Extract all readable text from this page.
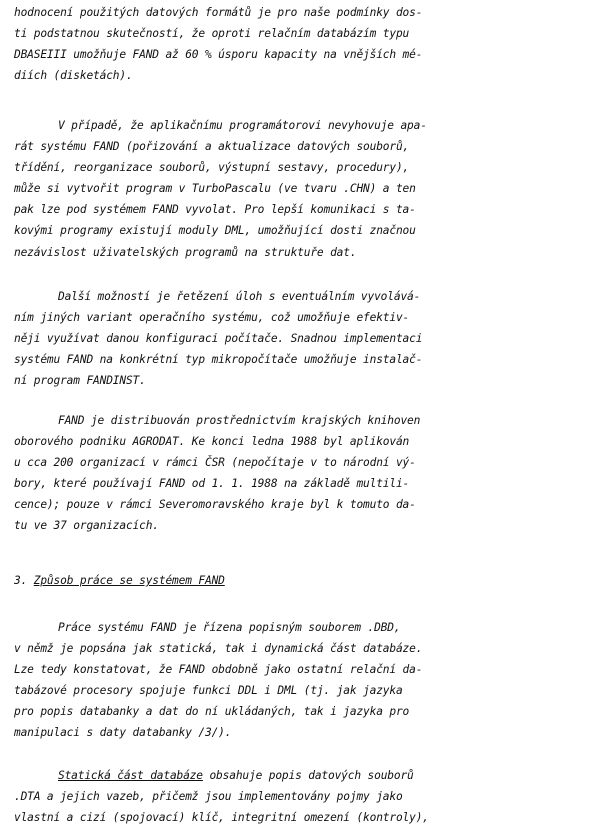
hodnocení použitých datových formátů je pro naše podmínky dos-
ti podstatnou skutečností, že oproti relačním databázím typu
DBASEIII umožňuje FAND až 60 % úsporu kapacity na vnějších mé-
diích (disketách).
V případě, že aplikačnímu programátorovi nevyhovuje apa-
rát systému FAND (pořizování a aktualizace datových souborů,
třídění, reorganizace souborů, výstupní sestavy, procedury),
může si vytvořit program v TurboPascalu (ve tvaru .CHN) a ten
pak lze pod systémem FAND vyvolat. Pro lepší komunikaci s ta-
kovými programy existují moduly DML, umožňující dosti značnou
nezávislost uživatelských programů na struktuře dat.
Další možností je řetězení úloh s eventuálním vyvolává-
ním jiných variant operačního systému, což umožňuje efektiv-
něji využívat danou konfiguraci počítače. Snadnou implementaci
systému FAND na konkrétní typ mikropočítače umožňuje instalač-
ní program FANDINST.
FAND je distribuován prostřednictvím krajských knihoven
oborového podniku AGRODAT. Ke konci ledna 1988 byl aplikován
u cca 200 organizací v rámci ČSR (nepočítaje v to národní vý-
bory, které používají FAND od 1. 1. 1988 na základě multili-
cence); pouze v rámci Severomoravského kraje byl k tomuto da-
tu ve 37 organizacích.
3. Způsob práce se systémem FAND
Práce systému FAND je řízena popisným souborem .DBD,
v němž je popsána jak statická, tak i dynamická část databáze.
Lze tedy konstatovat, že FAND obdobně jako ostatní relační da-
tabázové procesory spojuje funkci DDL i DML (tj. jak jazyka
pro popis databanky a dat do ní ukládaných, tak i jazyka pro
manipulaci s daty databanky /3/).
Statická část databáze obsahuje popis datových souborů
.DTA a jejich vazeb, přičemž jsou implementovány pojmy jako
vlastní a cizí (spojovací) klíč, integritní omezení (kontroly),
